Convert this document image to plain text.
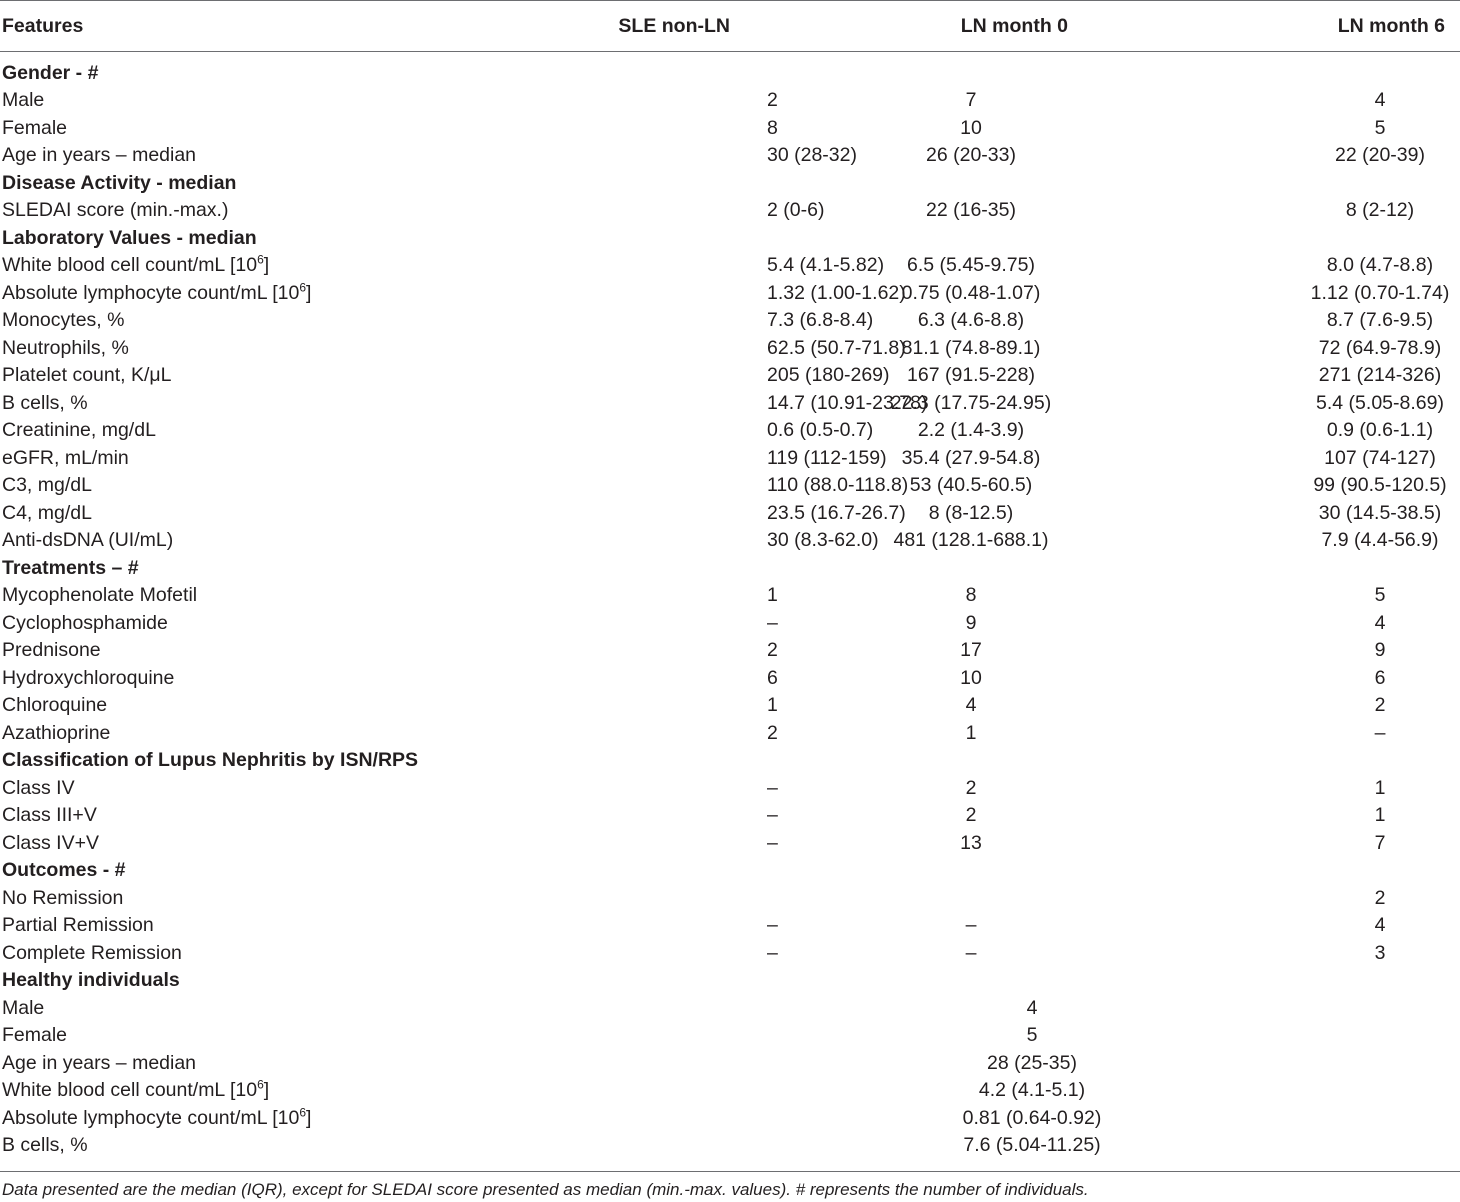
Features	SLE non-LN	LN month 0	LN month 6
Gender - #			
Male	2	7	4
Female	8	10	5
Age in years – median	30 (28-32)	26 (20-33)	22 (20-39)
Disease Activity - median			
SLEDAI score (min.-max.)	2 (0-6)	22 (16-35)	8 (2-12)
Laboratory Values - median			
White blood cell count/mL $[10^6]$	5.4 (4.1-5.82)	6.5 (5.45-9.75)	8.0 (4.7-8.8)
Absolute lymphocyte count/mL $[10^6]$	1.32 (1.00-1.62)	0.75 (0.48-1.07)	1.12 (0.70-1.74)
Monocytes, %	7.3 (6.8-8.4)	6.3 (4.6-8.8)	8.7 (7.6-9.5)
Neutrophils, %	62.5 (50.7-71.8)	81.1 (74.8-89.1)	72 (64.9-78.9)
Platelet count, K/μL	205 (180-269)	167 (91.5-228)	271 (214-326)
B cells, %	14.7 (10.91-23.78)	22.3 (17.75-24.95)	5.4 (5.05-8.69)
Creatinine, mg/dL	0.6 (0.5-0.7)	2.2 (1.4-3.9)	0.9 (0.6-1.1)
eGFR, mL/min	119 (112-159)	35.4 (27.9-54.8)	107 (74-127)
C3, mg/dL	110 (88.0-118.8)	53 (40.5-60.5)	99 (90.5-120.5)
C4, mg/dL	23.5 (16.7-26.7)	8 (8-12.5)	30 (14.5-38.5)
Anti-dsDNA (UI/mL)	30 (8.3-62.0)	481 (128.1-688.1)	7.9 (4.4-56.9)
Treatments – #			
Mycophenolate Mofetil	1	8	5
Cyclophosphamide	–	9	4
Prednisone	2	17	9
Hydroxychloroquine	6	10	6
Chloroquine	1	4	2
Azathioprine	2	1	–
Classification of Lupus Nephritis by ISN/RPS			
Class IV	–	2	1
Class III+V	–	2	1
Class IV+V	–	13	7
Outcomes - #			
No Remission			2
Partial Remission	–	–	4
Complete Remission	–	–	3
Healthy individuals			
Male	4		

Female	5		

Age in years – median	28 (25-35)		

White blood cell count/mL $[10^6]$	4.2 (4.1-5.1)		

Absolute lymphocyte count/mL $[10^6]$	0.81 (0.64-0.92)		

B cells, %	7.6 (5.04-11.25)		
Data presented are the median (IQR), except for SLEDAI score presented as median (min.-max. values). # represents the number of individuals.
